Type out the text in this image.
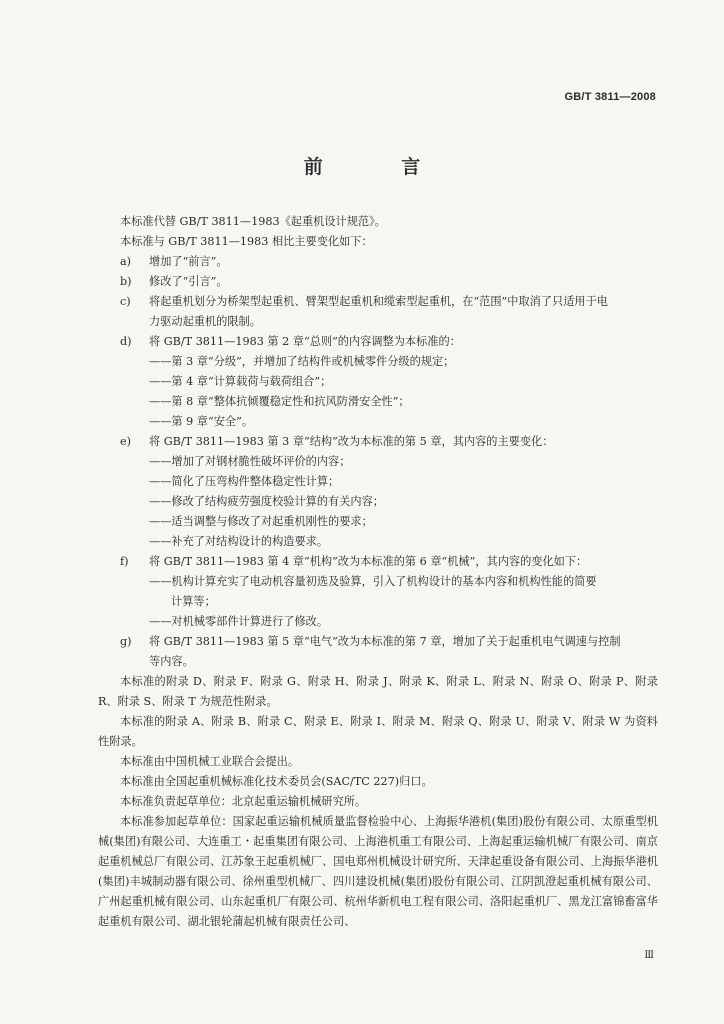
GB/T 3811—2008
前 言
本标准代替 GB/T 3811—1983《起重机设计规范》。
本标准与 GB/T 3811—1983 相比主要变化如下：
a)	增加了“前言”。
b)	修改了“引言”。
c)	将起重机划分为桥架型起重机、臂架型起重机和缆索型起重机，在“范围”中取消了只适用于电
力驱动起重机的限制。
d)	将 GB/T 3811—1983 第 2 章“总则”的内容调整为本标准的：
——第 3 章“分级”，并增加了结构件或机械零件分级的规定；
——第 4 章“计算载荷与载荷组合”；
——第 8 章“整体抗倾覆稳定性和抗风防滑安全性”；
——第 9 章“安全”。
e)	将 GB/T 3811—1983 第 3 章“结构”改为本标准的第 5 章，其内容的主要变化：
——增加了对钢材脆性破坏评价的内容；
——简化了压弯构件整体稳定性计算；
——修改了结构疲劳强度校验计算的有关内容；
——适当调整与修改了对起重机刚性的要求；
——补充了对结构设计的构造要求。
f)	将 GB/T 3811—1983 第 4 章“机构”改为本标准的第 6 章“机械”，其内容的变化如下：
——机构计算充实了电动机容量初选及验算，引入了机构设计的基本内容和机构性能的简要
计算等；
——对机械零部件计算进行了修改。
g)	将 GB/T 3811—1983 第 5 章“电气”改为本标准的第 7 章，增加了关于起重机电气调速与控制
等内容。
本标准的附录 D、附录 F、附录 G、附录 H、附录 J、附录 K、附录 L、附录 N、附录 O、附录 P、附录 R、附录 S、附录 T 为规范性附录。
本标准的附录 A、附录 B、附录 C、附录 E、附录 I、附录 M、附录 Q、附录 U、附录 V、附录 W 为资料性附录。
本标准由中国机械工业联合会提出。
本标准由全国起重机械标准化技术委员会(SAC/TC 227)归口。
本标准负责起草单位：北京起重运输机械研究所。
本标准参加起草单位：国家起重运输机械质量监督检验中心、上海振华港机(集团)股份有限公司、太原重型机械(集团)有限公司、大连重工・起重集团有限公司、上海港机重工有限公司、上海起重运输机械厂有限公司、南京起重机械总厂有限公司、江苏象王起重机械厂、国电郑州机械设计研究所、天津起重设备有限公司、上海振华港机(集团)丰城制动器有限公司、徐州重型机械厂、四川建设机械(集团)股份有限公司、江阴凯澄起重机械有限公司、广州起重机械有限公司、山东起重机厂有限公司、杭州华新机电工程有限公司、洛阳起重机厂、黑龙江富锦畜富华起重机有限公司、湖北银轮蒲起机械有限责任公司、
Ⅲ
